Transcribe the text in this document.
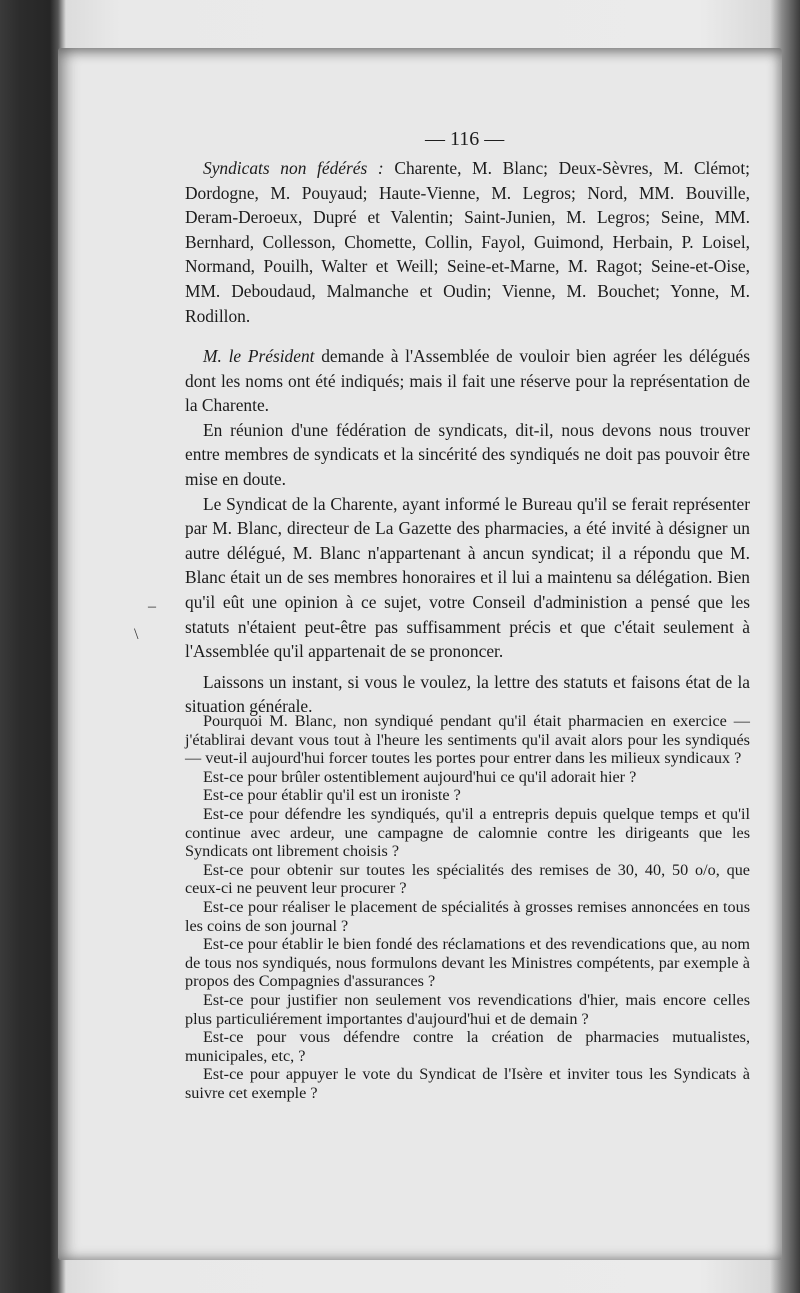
— 116 —

Syndicats non fédérés : Charente, M. Blanc; Deux-Sèvres, M. Clémot; Dordogne, M. Pouyaud; Haute-Vienne, M. Legros; Nord, MM. Bouville, Deram-Deroeux, Dupré et Valentin; Saint-Junien, M. Legros; Seine, MM. Bernhard, Collesson, Chomette, Collin, Fayol, Guimond, Herbain, P. Loisel, Normand, Pouilh, Walter et Weill; Seine-et-Marne, M. Ragot; Seine-et-Oise, MM. Deboudaud, Malmanche et Oudin; Vienne, M. Bouchet; Yonne, M. Rodillon.

M. le Président demande à l'Assemblée de vouloir bien agréer les délégués dont les noms ont été indiqués; mais il fait une réserve pour la représentation de la Charente.

En réunion d'une fédération de syndicats, dit-il, nous devons nous trouver entre membres de syndicats et la sincérité des syndiqués ne doit pas pouvoir être mise en doute.

Le Syndicat de la Charente, ayant informé le Bureau qu'il se ferait représenter par M. Blanc, directeur de La Gazette des pharmacies, a été invité à désigner un autre délégué, M. Blanc n'appartenant à ancun syndicat; il a répondu que M. Blanc était un de ses membres honoraires et il lui a maintenu sa délégation. Bien qu'il eût une opinion à ce sujet, votre Conseil d'administion a pensé que les statuts n'étaient peut-être pas suffisamment précis et que c'était seulement à l'Assemblée qu'il appartenait de se prononcer.

Laissons un instant, si vous le voulez, la lettre des statuts et faisons état de la situation générale.

Pourquoi M. Blanc, non syndiqué pendant qu'il était pharmacien en exercice — j'établirai devant vous tout à l'heure les sentiments qu'il avait alors pour les syndiqués — veut-il aujourd'hui forcer toutes les portes pour entrer dans les milieux syndicaux ?

Est-ce pour brûler ostentiblement aujourd'hui ce qu'il adorait hier ?

Est-ce pour établir qu'il est un ironiste ?

Est-ce pour défendre les syndiqués, qu'il a entrepris depuis quelque temps et qu'il continue avec ardeur, une campagne de calomnie contre les dirigeants que les Syndicats ont librement choisis ?

Est-ce pour obtenir sur toutes les spécialités des remises de 30, 40, 50 o/o, que ceux-ci ne peuvent leur procurer ?

Est-ce pour réaliser le placement de spécialités à grosses remises annoncées en tous les coins de son journal ?

Est-ce pour établir le bien fondé des réclamations et des revendications que, au nom de tous nos syndiqués, nous formulons devant les Ministres compétents, par exemple à propos des Compagnies d'assurances ?

Est-ce pour justifier non seulement vos revendications d'hier, mais encore celles plus particuliérement importantes d'aujourd'hui et de demain ?

Est-ce pour vous défendre contre la création de pharmacies mutualistes, municipales, etc, ?

Est-ce pour appuyer le vote du Syndicat de l'Isère et inviter tous les Syndicats à suivre cet exemple ?

–
\
